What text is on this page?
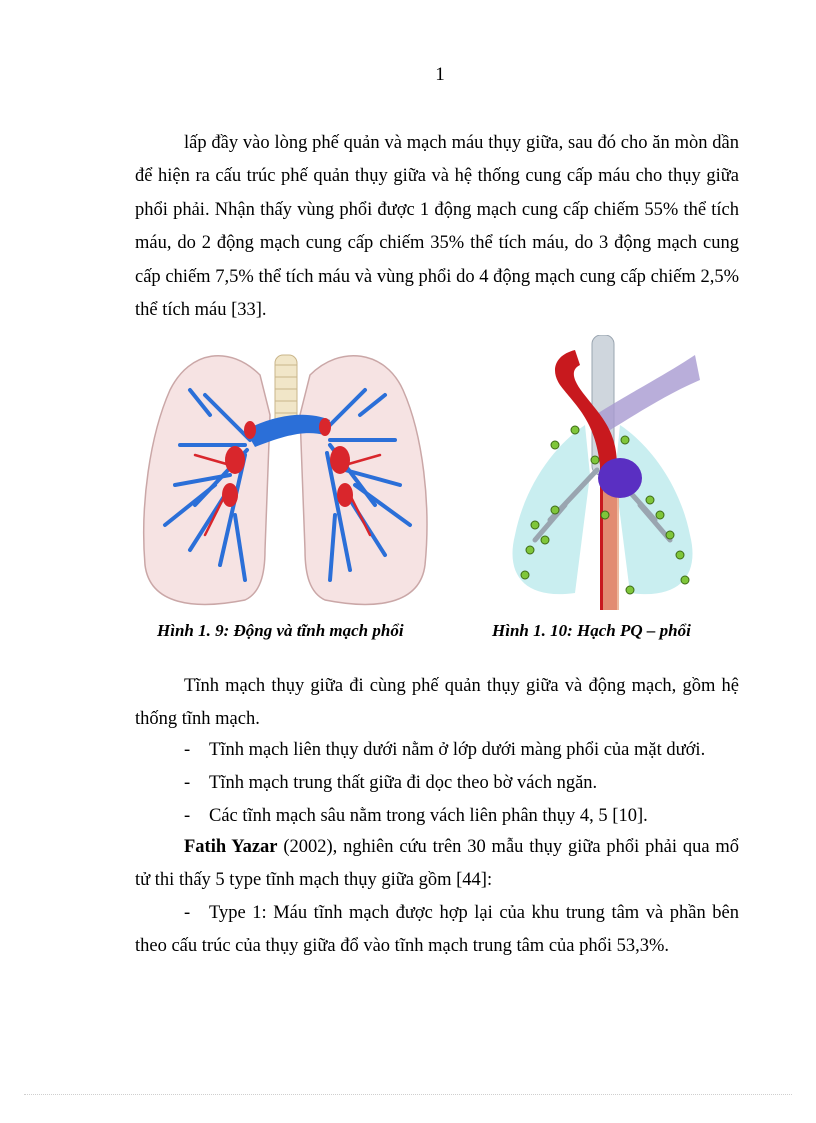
1

lấp đầy vào lòng phế quản và mạch máu thụy giữa, sau đó cho ăn mòn dần để hiện ra cấu trúc phế quản thụy giữa và hệ thống cung cấp máu cho thụy giữa phổi phải. Nhận thấy vùng phổi được 1 động mạch cung cấp chiếm 55% thể tích máu, do 2 động mạch cung cấp chiếm 35% thể tích máu, do 3 động mạch cung cấp chiếm 7,5% thể tích máu và vùng phổi do 4 động mạch cung cấp chiếm 2,5% thể tích máu [33].

Hình 1. 9: Động và tĩnh mạch phổi	Hình 1. 10: Hạch PQ – phổi

Tĩnh mạch thụy giữa đi cùng phế quản thụy giữa và động mạch, gồm hệ thống tĩnh mạch.

- Tĩnh mạch liên thụy dưới nằm ở lớp dưới màng phổi của mặt dưới.
- Tĩnh mạch trung thất giữa đi dọc theo bờ vách ngăn.
- Các tĩnh mạch sâu nằm trong vách liên phân thụy 4, 5 [10].

Fatih Yazar (2002), nghiên cứu trên 30 mẫu thụy giữa phổi phải qua mổ tử thi thấy 5 type tĩnh mạch thụy giữa gồm [44]:

- Type 1: Máu tĩnh mạch được hợp lại của khu trung tâm và phần bên theo cấu trúc của thụy giữa đổ vào tĩnh mạch trung tâm của phổi 53,3%.
